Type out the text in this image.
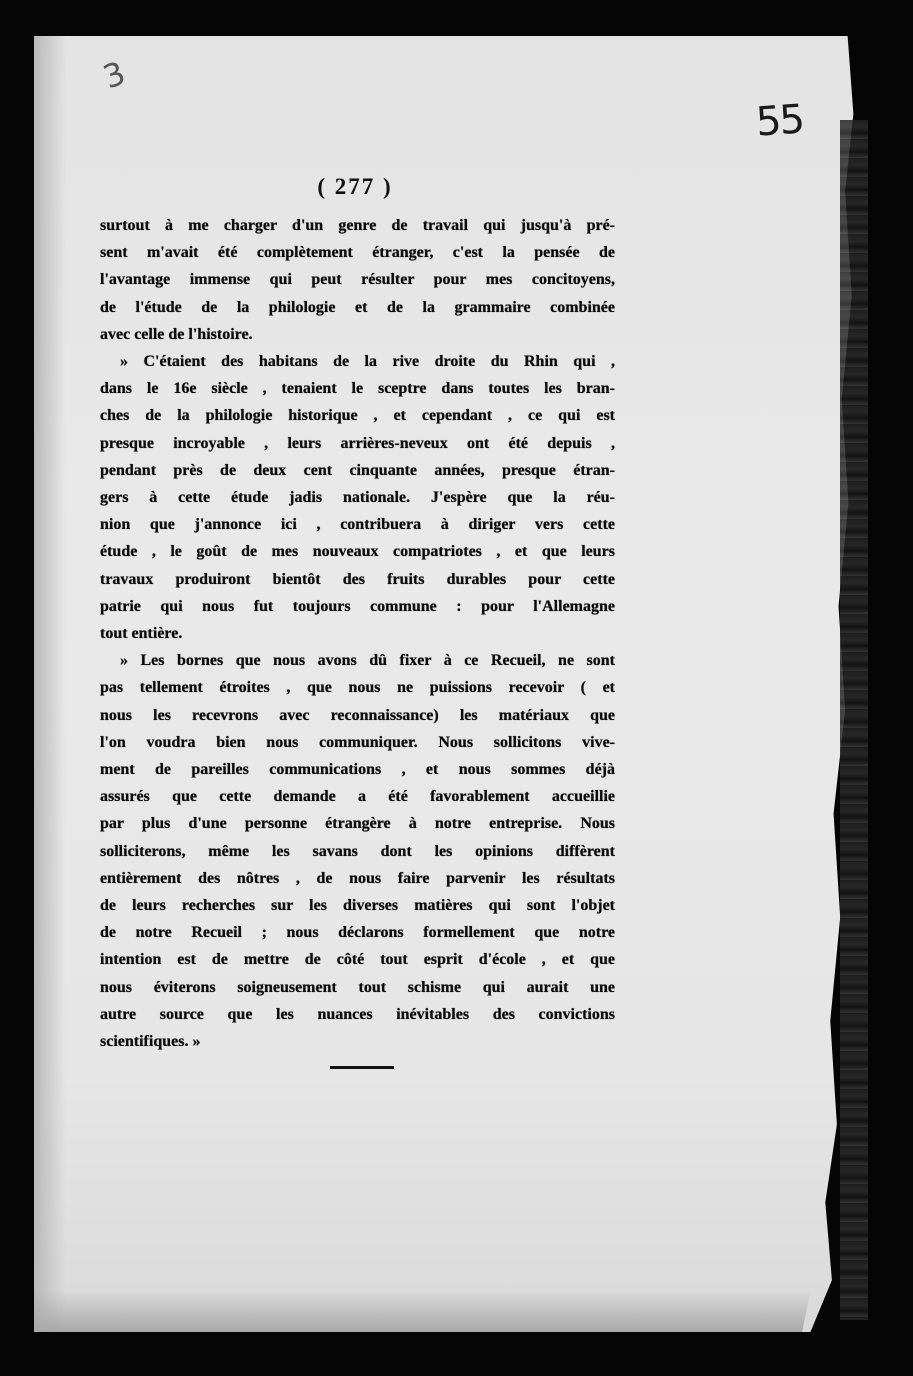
3
55
( 277 )

surtout à me charger d'un genre de travail qui jusqu'à pré-
sent m'avait été complètement étranger, c'est la pensée de
l'avantage immense qui peut résulter pour mes concitoyens,
de l'étude de la philologie et de la grammaire combinée
avec celle de l'histoire.

» C'étaient des habitans de la rive droite du Rhin qui ,
dans le 16e siècle , tenaient le sceptre dans toutes les bran-
ches de la philologie historique , et cependant , ce qui est
presque incroyable , leurs arrières-neveux ont été depuis ,
pendant près de deux cent cinquante années, presque étran-
gers à cette étude jadis nationale. J'espère que la réu-
nion que j'annonce ici , contribuera à diriger vers cette
étude , le goût de mes nouveaux compatriotes , et que leurs
travaux produiront bientôt des fruits durables pour cette
patrie qui nous fut toujours commune : pour l'Allemagne
tout entière.

» Les bornes que nous avons dû fixer à ce Recueil, ne sont
pas tellement étroites , que nous ne puissions recevoir ( et
nous les recevrons avec reconnaissance) les matériaux que
l'on voudra bien nous communiquer. Nous sollicitons vive-
ment de pareilles communications , et nous sommes déjà
assurés que cette demande a été favorablement accueillie
par plus d'une personne étrangère à notre entreprise. Nous
solliciterons, même les savans dont les opinions diffèrent
entièrement des nôtres , de nous faire parvenir les résultats
de leurs recherches sur les diverses matières qui sont l'objet
de notre Recueil ; nous déclarons formellement que notre
intention est de mettre de côté tout esprit d'école , et que
nous éviterons soigneusement tout schisme qui aurait une
autre source que les nuances inévitables des convictions
scientifiques. »
